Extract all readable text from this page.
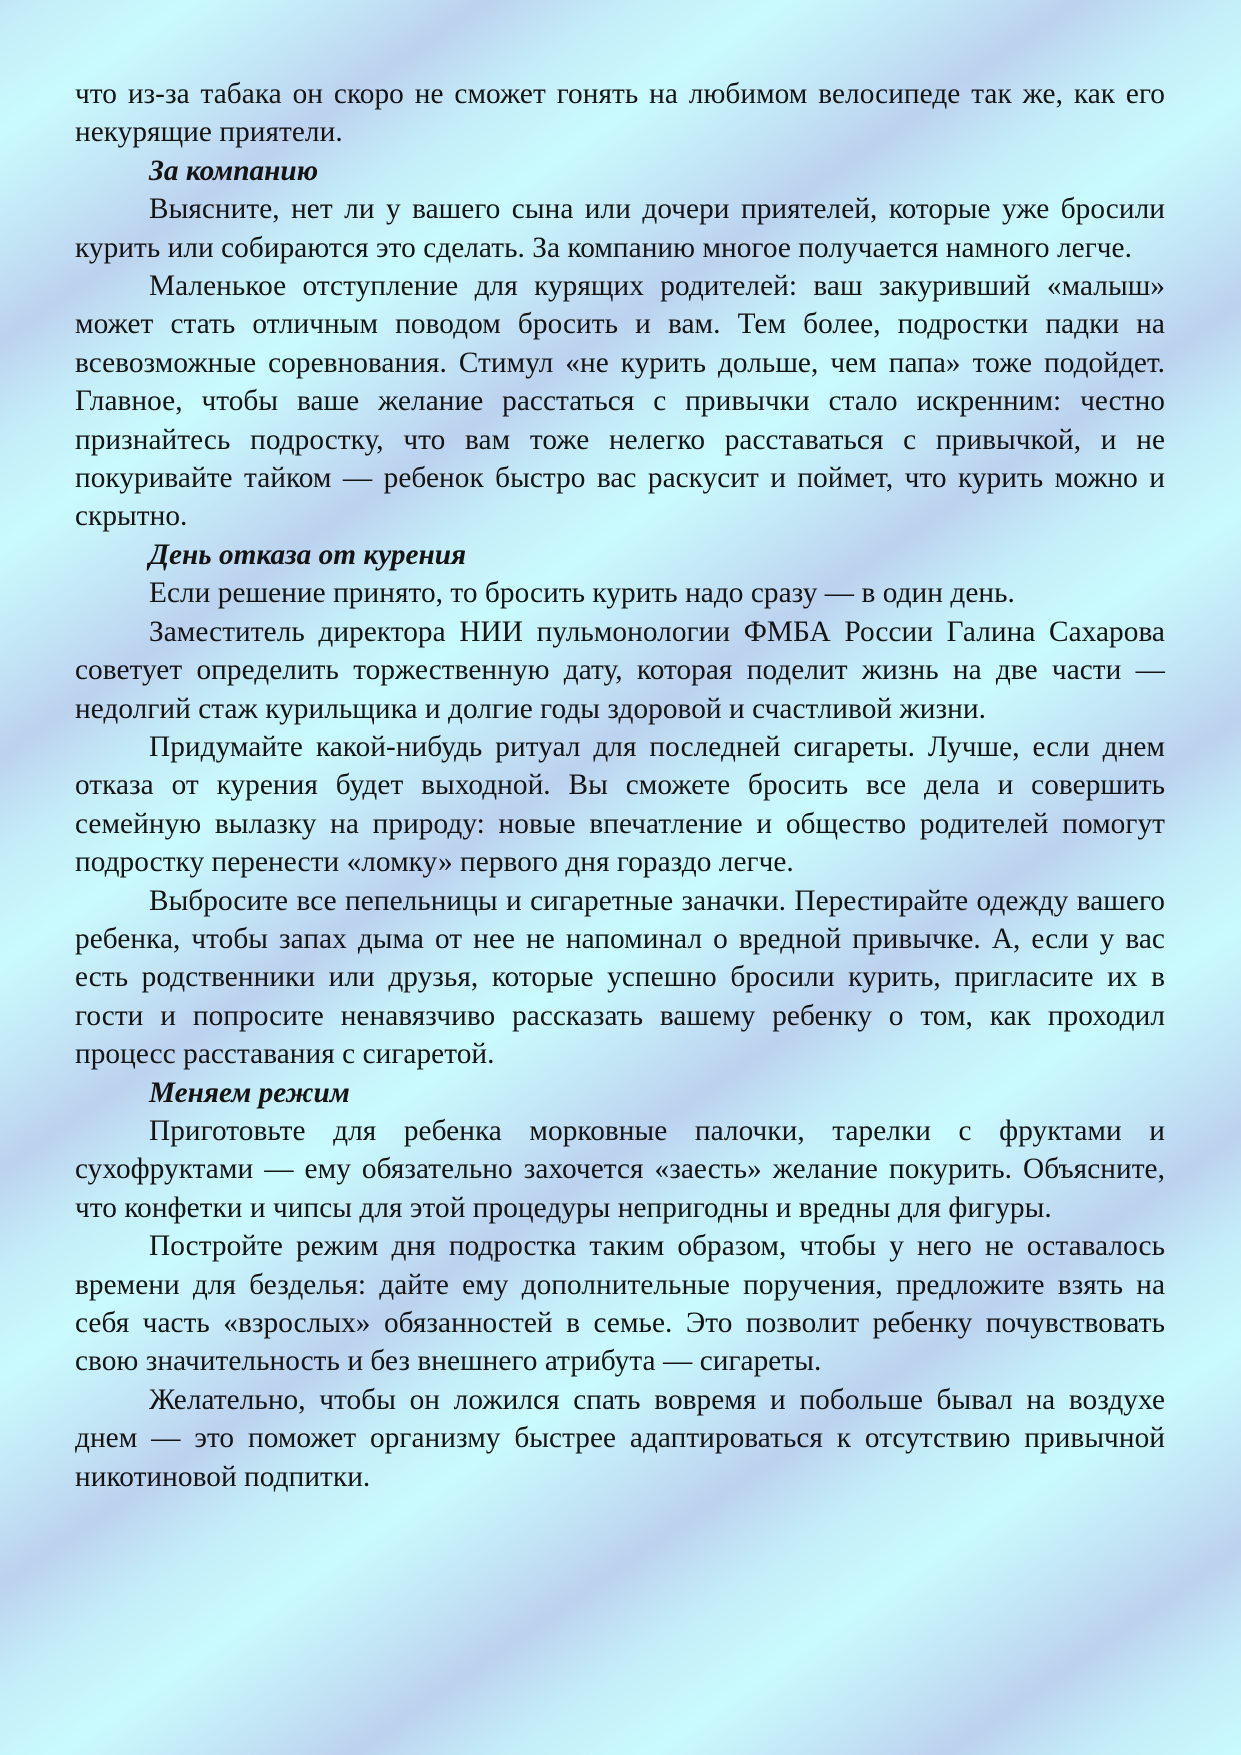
что из-за табака он скоро не сможет гонять на любимом велосипеде так же, как его некурящие приятели.

За компанию

Выясните, нет ли у вашего сына или дочери приятелей, которые уже бросили курить или собираются это сделать. За компанию многое получается намного легче.

Маленькое отступление для курящих родителей: ваш закуривший «малыш» может стать отличным поводом бросить и вам. Тем более, подростки падки на всевозможные соревнования. Стимул «не курить дольше, чем папа» тоже подойдет. Главное, чтобы ваше желание расстаться с привычки стало искренним: честно признайтесь подростку, что вам тоже нелегко расставаться с привычкой, и не покуривайте тайком — ребенок быстро вас раскусит и поймет, что курить можно и скрытно.

День отказа от курения

Если решение принято, то бросить курить надо сразу — в один день.

Заместитель директора НИИ пульмонологии ФМБА России Галина Сахарова советует определить торжественную дату, которая поделит жизнь на две части — недолгий стаж курильщика и долгие годы здоровой и счастливой жизни.

Придумайте какой-нибудь ритуал для последней сигареты. Лучше, если днем отказа от курения будет выходной. Вы сможете бросить все дела и совершить семейную вылазку на природу: новые впечатление и общество родителей помогут подростку перенести «ломку» первого дня гораздо легче.

Выбросите все пепельницы и сигаретные заначки. Перестирайте одежду вашего ребенка, чтобы запах дыма от нее не напоминал о вредной привычке. А, если у вас есть родственники или друзья, которые успешно бросили курить, пригласите их в гости и попросите ненавязчиво рассказать вашему ребенку о том, как проходил процесс расставания с сигаретой.

Меняем режим

Приготовьте для ребенка морковные палочки, тарелки с фруктами и сухофруктами — ему обязательно захочется «заесть» желание покурить. Объясните, что конфетки и чипсы для этой процедуры непригодны и вредны для фигуры.

Постройте режим дня подростка таким образом, чтобы у него не оставалось времени для безделья: дайте ему дополнительные поручения, предложите взять на себя часть «взрослых» обязанностей в семье. Это позволит ребенку почувствовать свою значительность и без внешнего атрибута — сигареты.

Желательно, чтобы он ложился спать вовремя и побольше бывал на воздухе днем — это поможет организму быстрее адаптироваться к отсутствию привычной никотиновой подпитки.
